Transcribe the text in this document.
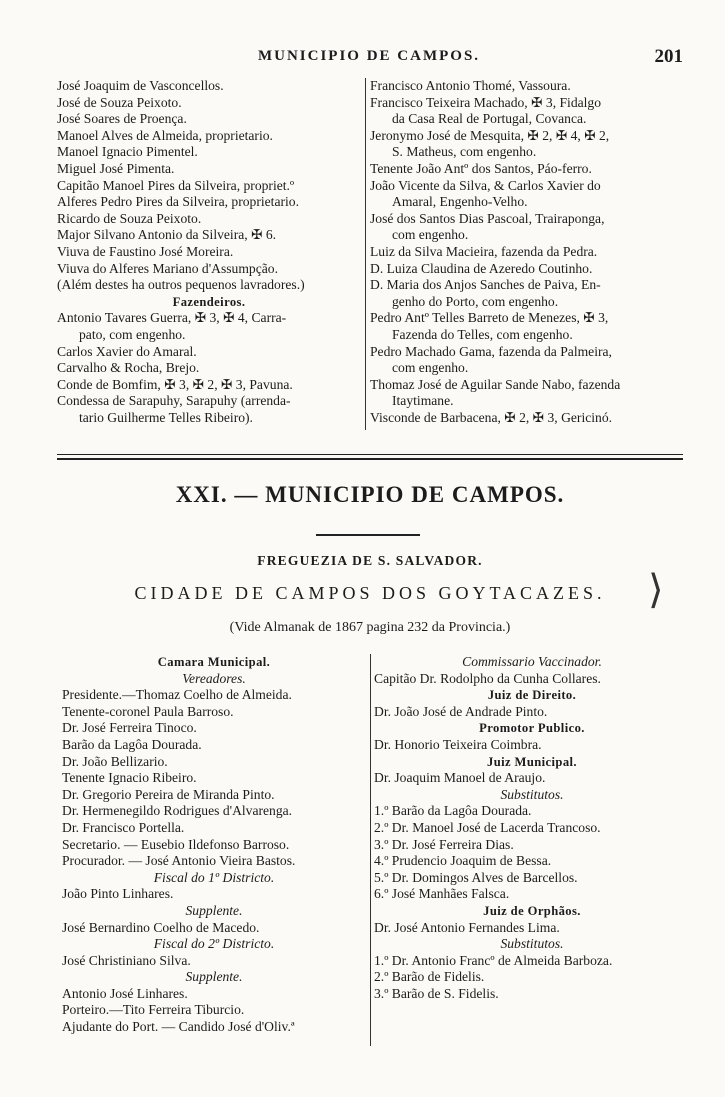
MUNICIPIO DE CAMPOS.	201
José Joaquim de Vasconcellos.
José de Souza Peixoto.
José Soares de Proença.
Manoel Alves de Almeida, proprietario.
Manoel Ignacio Pimentel.
Miguel José Pimenta.
Capitão Manoel Pires da Silveira, propriet.º
Alferes Pedro Pires da Silveira, proprietario.
Ricardo de Souza Peixoto.
Major Silvano Antonio da Silveira, ✠ 6.
Viuva de Faustino José Moreira.
Viuva do Alferes Mariano d'Assumpção.
(Além destes ha outros pequenos lavradores.)
Fazendeiros.
Antonio Tavares Guerra, ✠ 3, ✠ 4, Carra-
pato, com engenho.
Carlos Xavier do Amaral.
Carvalho & Rocha, Brejo.
Conde de Bomfim, ✠ 3, ✠ 2, ✠ 3, Pavuna.
Condessa de Sarapuhy, Sarapuhy (arrenda-
tario Guilherme Telles Ribeiro).
Francisco Antonio Thomé, Vassoura.
Francisco Teixeira Machado, ✠ 3, Fidalgo
da Casa Real de Portugal, Covanca.
Jeronymo José de Mesquita, ✠ 2, ✠ 4, ✠ 2,
S. Matheus, com engenho.
Tenente João Antº dos Santos, Páo-ferro.
João Vicente da Silva, & Carlos Xavier do
Amaral, Engenho-Velho.
José dos Santos Dias Pascoal, Trairaponga,
com engenho.
Luiz da Silva Macieira, fazenda da Pedra.
D. Luiza Claudina de Azeredo Coutinho.
D. Maria dos Anjos Sanches de Paiva, En-
genho do Porto, com engenho.
Pedro Antº Telles Barreto de Menezes, ✠ 3,
Fazenda do Telles, com engenho.
Pedro Machado Gama, fazenda da Palmeira,
com engenho.
Thomaz José de Aguilar Sande Nabo, fazenda
Itaytimane.
Visconde de Barbacena, ✠ 2, ✠ 3, Gericinó.
XXI. — MUNICIPIO DE CAMPOS.
FREGUEZIA DE S. SALVADOR.
CIDADE DE CAMPOS DOS GOYTACAZES.
(Vide Almanak de 1867 pagina 232 da Provincia.)
⟩
Camara Municipal.
Vereadores.
Presidente.—Thomaz Coelho de Almeida.
Tenente-coronel Paula Barroso.
Dr. José Ferreira Tinoco.
Barão da Lagôa Dourada.
Dr. João Bellizario.
Tenente Ignacio Ribeiro.
Dr. Gregorio Pereira de Miranda Pinto.
Dr. Hermenegildo Rodrigues d'Alvarenga.
Dr. Francisco Portella.
Secretario. — Eusebio Ildefonso Barroso.
Procurador. — José Antonio Vieira Bastos.
Fiscal do 1º Districto.
João Pinto Linhares.
Supplente.
José Bernardino Coelho de Macedo.
Fiscal do 2º Districto.
José Christiniano Silva.
Supplente.
Antonio José Linhares.
Porteiro.—Tito Ferreira Tiburcio.
Ajudante do Port. — Candido José d'Oliv.ª
Commissario Vaccinador.
Capitão Dr. Rodolpho da Cunha Collares.
Juiz de Direito.
Dr. João José de Andrade Pinto.
Promotor Publico.
Dr. Honorio Teixeira Coimbra.
Juiz Municipal.
Dr. Joaquim Manoel de Araujo.
Substitutos.
1.º Barão da Lagôa Dourada.
2.º Dr. Manoel José de Lacerda Trancoso.
3.º Dr. José Ferreira Dias.
4.º Prudencio Joaquim de Bessa.
5.º Dr. Domingos Alves de Barcellos.
6.º José Manhães Falsca.
Juiz de Orphãos.
Dr. José Antonio Fernandes Lima.
Substitutos.
1.º Dr. Antonio Francº de Almeida Barboza.
2.º Barão de Fidelis.
3.º Barão de S. Fidelis.
